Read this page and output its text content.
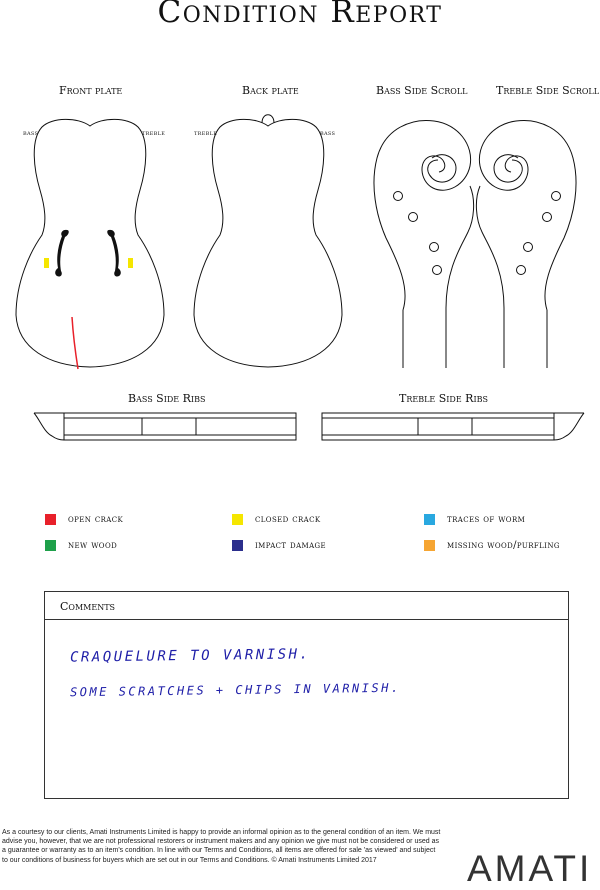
Condition Report
Front plate	Back plate	Bass Side Scroll	Treble Side Scroll
Bass Side Ribs	Treble Side Ribs
bass	treble	treble	bass
open crack	closed crack	traces of worm
new wood	impact damage	missing wood/purfling
Comments
CRAQUELURE TO VARNISH.
SOME SCRATCHES + CHIPS IN VARNISH.
As a courtesy to our clients, Amati Instruments Limited is happy to provide an informal opinion as to the general condition of an item. We must advise you, however, that we are not professional restorers or instrument makers and any opinion we give must not be considered or used as a guarantee or warranty as to an item's condition. In line with our Terms and Conditions, all items are offered for sale 'as viewed' and subject to our conditions of business for buyers which are set out in our Terms and Conditions. © Amati Instruments Limited 2017	AMATI
